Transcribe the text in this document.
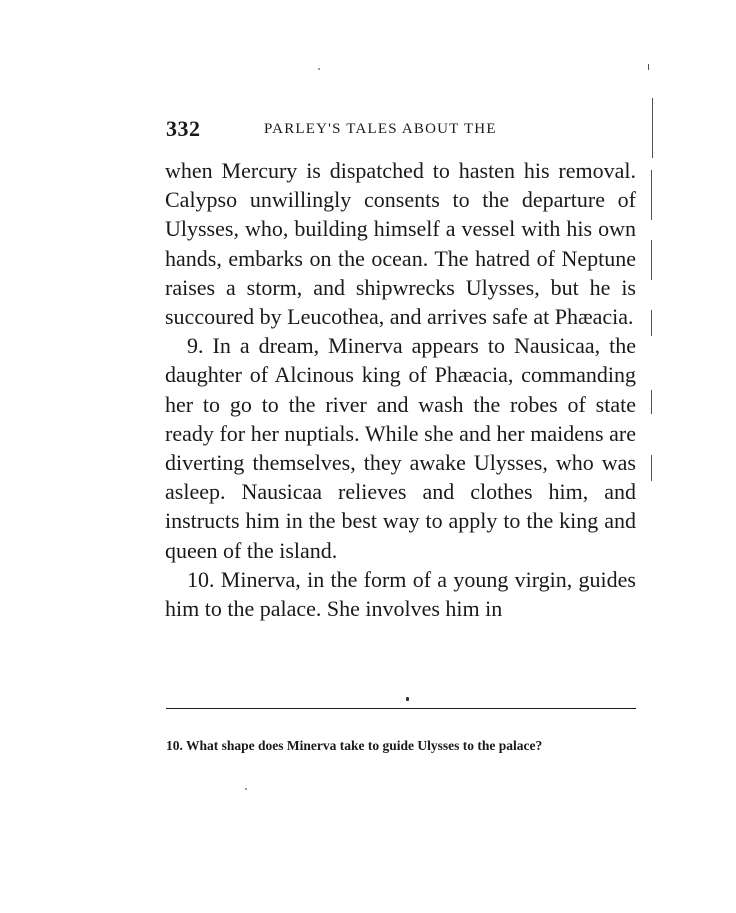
332	PARLEY'S TALES ABOUT THE

when Mercury is dispatched to hasten his removal. Calypso unwillingly consents to the departure of Ulysses, who, building himself a vessel with his own hands, embarks on the ocean. The hatred of Neptune raises a storm, and shipwrecks Ulysses, but he is succoured by Leucothea, and arrives safe at Phæacia.

9. In a dream, Minerva appears to Nausicaa, the daughter of Alcinous king of Phæacia, commanding her to go to the river and wash the robes of state ready for her nuptials. While she and her maidens are diverting themselves, they awake Ulysses, who was asleep. Nausicaa relieves and clothes him, and instructs him in the best way to apply to the king and queen of the island.

10. Minerva, in the form of a young virgin, guides him to the palace. She involves him in

10. What shape does Minerva take to guide Ulysses to the palace?
